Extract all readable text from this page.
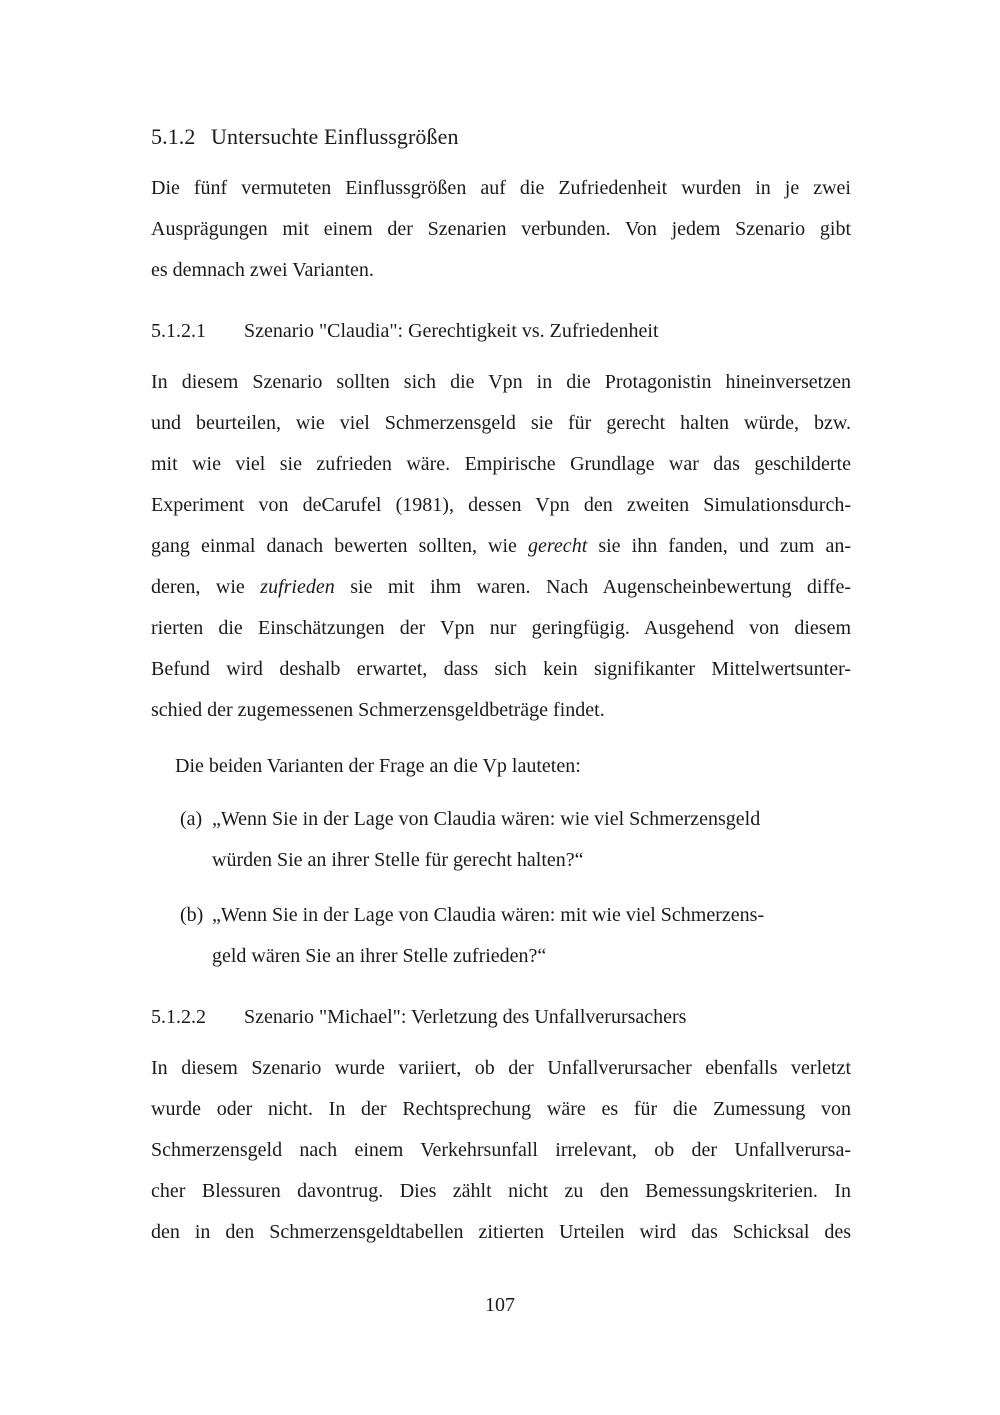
5.1.2 Untersuchte Einflussgrößen
Die fünf vermuteten Einflussgrößen auf die Zufriedenheit wurden in je zwei
Ausprägungen mit einem der Szenarien verbunden. Von jedem Szenario gibt
es demnach zwei Varianten.
5.1.2.1 Szenario "Claudia": Gerechtigkeit vs. Zufriedenheit
In diesem Szenario sollten sich die Vpn in die Protagonistin hineinversetzen
und beurteilen, wie viel Schmerzensgeld sie für gerecht halten würde, bzw.
mit wie viel sie zufrieden wäre. Empirische Grundlage war das geschilderte
Experiment von deCarufel (1981), dessen Vpn den zweiten Simulationsdurch-
gang einmal danach bewerten sollten, wie gerecht sie ihn fanden, und zum an-
deren, wie zufrieden sie mit ihm waren. Nach Augenscheinbewertung diffe-
rierten die Einschätzungen der Vpn nur geringfügig. Ausgehend von diesem
Befund wird deshalb erwartet, dass sich kein signifikanter Mittelwertsunter-
schied der zugemessenen Schmerzensgeldbeträge findet.
Die beiden Varianten der Frage an die Vp lauteten:
(a) „Wenn Sie in der Lage von Claudia wären: wie viel Schmerzensgeld
würden Sie an ihrer Stelle für gerecht halten?“
(b) „Wenn Sie in der Lage von Claudia wären: mit wie viel Schmerzens-
geld wären Sie an ihrer Stelle zufrieden?“
5.1.2.2 Szenario "Michael": Verletzung des Unfallverursachers
In diesem Szenario wurde variiert, ob der Unfallverursacher ebenfalls verletzt
wurde oder nicht. In der Rechtsprechung wäre es für die Zumessung von
Schmerzensgeld nach einem Verkehrsunfall irrelevant, ob der Unfallverursa-
cher Blessuren davontrug. Dies zählt nicht zu den Bemessungskriterien. In
den in den Schmerzensgeldtabellen zitierten Urteilen wird das Schicksal des
107
